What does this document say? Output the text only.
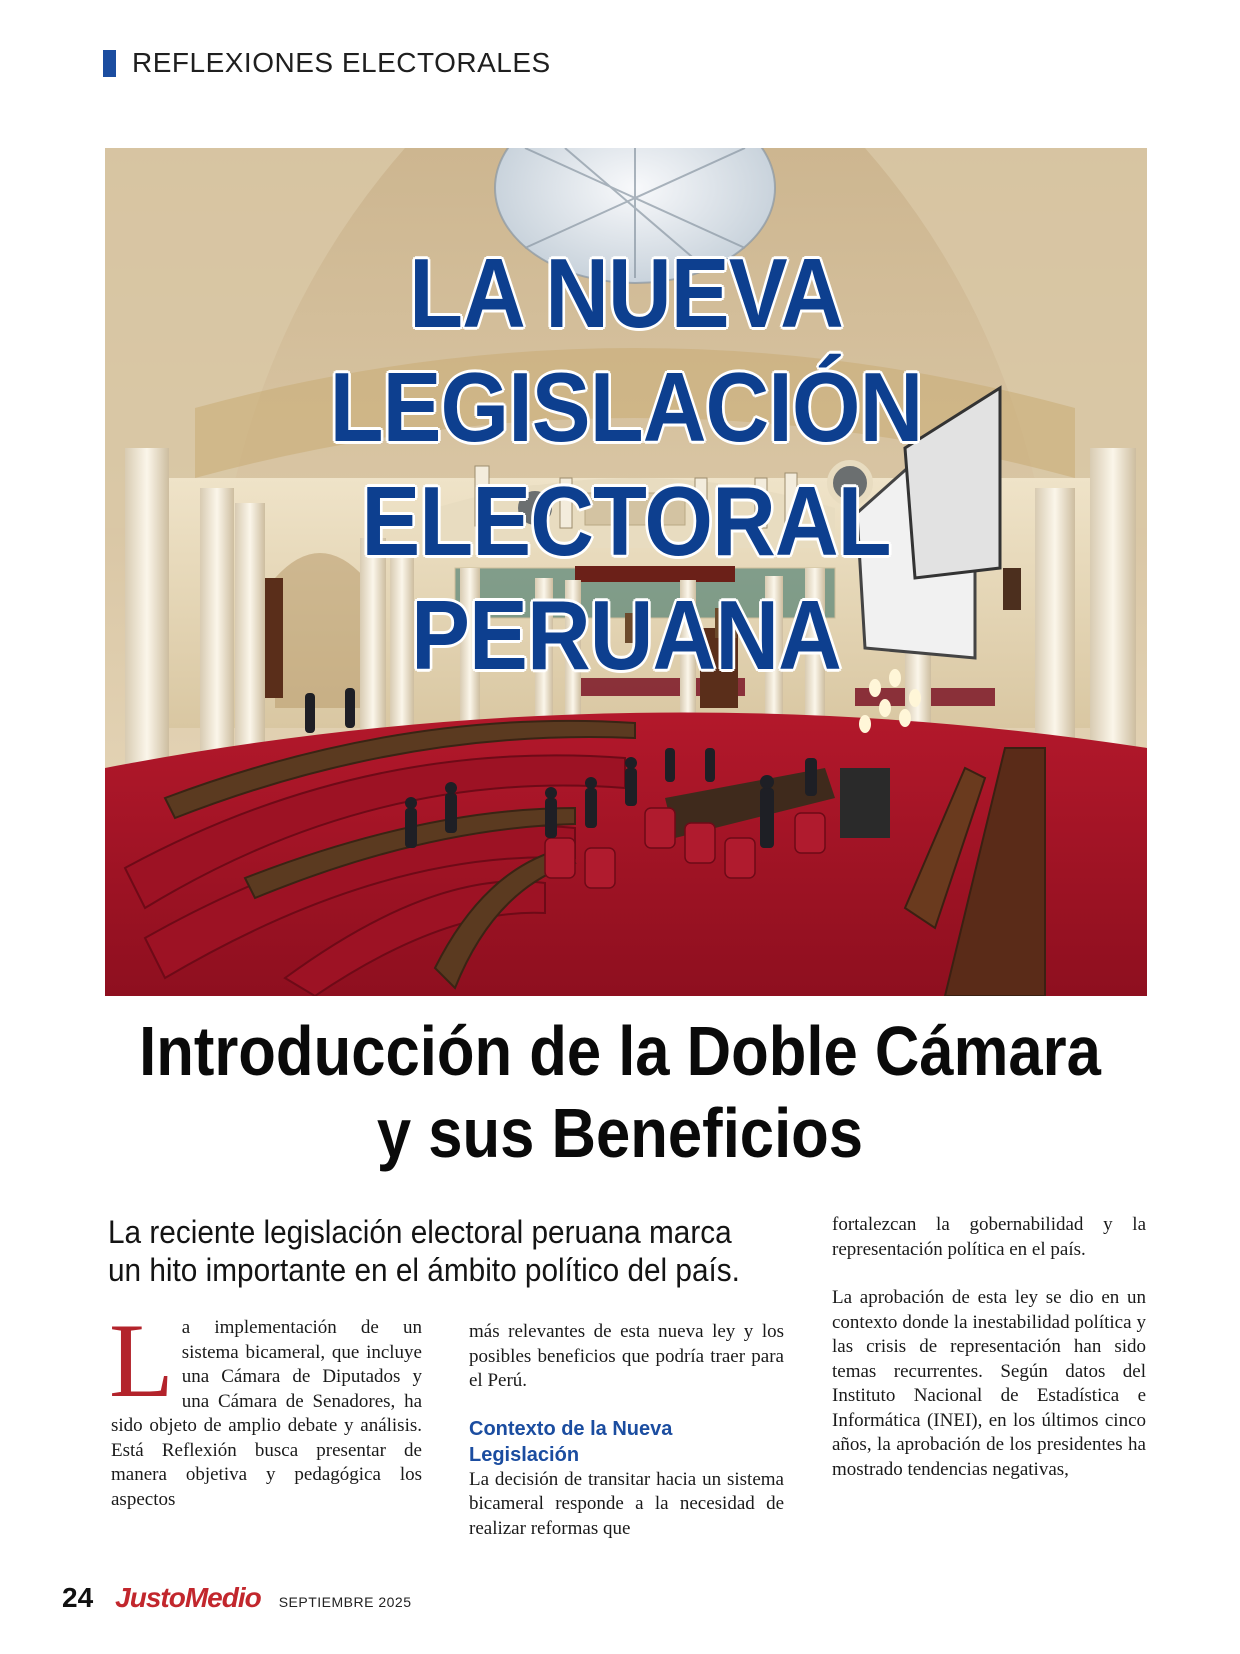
REFLEXIONES ELECTORALES
LA NUEVA LEGISLACIÓN
ELECTORAL PERUANA
Introducción de la Doble Cámara
y sus Beneficios

La reciente legislación electoral peruana marca
un hito importante en el ámbito político del país.

L a implementación de un sistema bicameral, que incluye una Cámara de Diputados y una Cámara de Senadores, ha sido objeto de amplio debate y análisis. Está Reflexión busca presentar de manera objetiva y pedagógica los aspectos

más relevantes de esta nueva ley y los posibles beneficios que podría traer para el Perú.

Contexto de la Nueva Legislación

La decisión de transitar hacia un sistema bicameral responde a la necesidad de realizar reformas que

fortalezcan la gobernabilidad y la representación política en el país.

La aprobación de esta ley se dio en un contexto donde la inestabilidad política y las crisis de representación han sido temas recurrentes. Según datos del Instituto Nacional de Estadística e Informática (INEI), en los últimos cinco años, la aprobación de los presidentes ha mostrado tendencias negativas,

24 JustoMedio SEPTIEMBRE 2025
